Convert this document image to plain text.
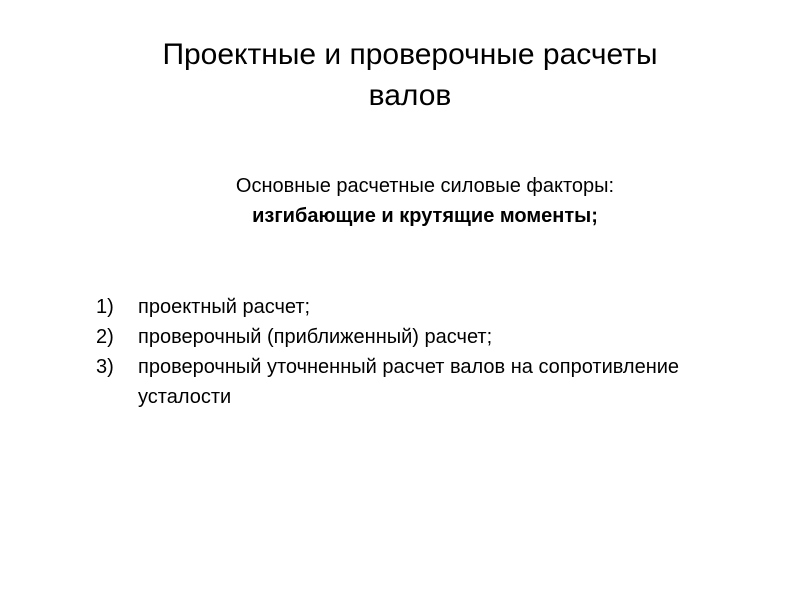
Проектные и проверочные расчеты
валов
Основные расчетные силовые факторы:
изгибающие и крутящие моменты;
1) проектный расчет;
2) проверочный (приближенный) расчет;
3) проверочный уточненный расчет валов на сопротивление усталости
